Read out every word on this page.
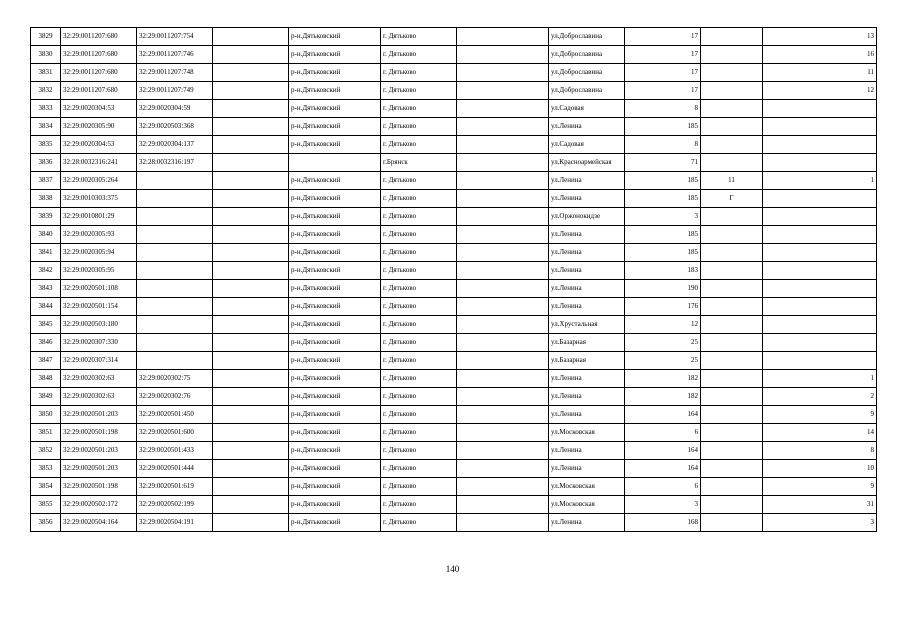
3829	32:29:0011207:680	32:29:0011207:754		р-н.Дятьковский	г. Дятьково		ул.Доброславина	17		13
3830	32:29:0011207:680	32:29:0011207:746		р-н.Дятьковский	г. Дятьково		ул.Доброславина	17		16
3831	32:29:0011207:680	32:29:0011207:748		р-н.Дятьковский	г. Дятьково		ул.Доброславина	17		11
3832	32:29:0011207:680	32:29:0011207:749		р-н.Дятьковский	г. Дятьково		ул.Доброславина	17		12
3833	32:29:0020304:53	32:29:0020304:59		р-н.Дятьковский	г. Дятьково		ул.Садовая	8		
3834	32:29:0020305:90	32:29:0020503:368		р-н.Дятьковский	г. Дятьково		ул.Ленина	185		
3835	32:29:0020304:53	32:29:0020304:137		р-н.Дятьковский	г. Дятьково		ул.Садовая	8		
3836	32:28:0032316:241	32:28:0032316:197			г.Брянск		ул.Красноармейская	71		
3837	32:29:0020305:264			р-н.Дятьковский	г. Дятьково		ул.Ленина	185	11	1
3838	32:29:0010303:375			р-н.Дятьковский	г. Дятьково		ул.Ленина	185	Г	
3839	32:29:0010801:29			р-н.Дятьковский	г. Дятьково		ул.Оржонокидзе	3		
3840	32:29:0020305:93			р-н.Дятьковский	г. Дятьково		ул.Ленина	185		
3841	32:29:0020305:94			р-н.Дятьковский	г. Дятьково		ул.Ленина	185		
3842	32:29:0020305:95			р-н.Дятьковский	г. Дятьково		ул.Ленина	183		
3843	32:29:0020501:108			р-н.Дятьковский	г. Дятьково		ул.Ленина	190		
3844	32:29:0020501:154			р-н.Дятьковский	г. Дятьково		ул.Ленина	176		
3845	32:29:0020503:180			р-н.Дятьковский	г. Дятьково		ул.Хрустальная	12		
3846	32:29:0020307:330			р-н.Дятьковский	г. Дятьково		ул.Базарная	25		
3847	32:29:0020307:314			р-н.Дятьковский	г. Дятьково		ул.Базарная	25		
3848	32:29:0020302:63	32:29:0020302:75		р-н.Дятьковский	г. Дятьково		ул.Ленина	182		1
3849	32:29:0020302:63	32:29:0020302:76		р-н.Дятьковский	г. Дятьково		ул.Ленина	182		2
3850	32:29:0020501:203	32:29:0020501:450		р-н.Дятьковский	г. Дятьково		ул.Ленина	164		9
3851	32:29:0020501:198	32:29:0020501:600		р-н.Дятьковский	г. Дятьково		ул.Московская	6		14
3852	32:29:0020501:203	32:29:0020501:433		р-н.Дятьковский	г. Дятьково		ул.Ленина	164		8
3853	32:29:0020501:203	32:29:0020501:444		р-н.Дятьковский	г. Дятьково		ул.Ленина	164		10
3854	32:29:0020501:198	32:29:0020501:619		р-н.Дятьковский	г. Дятьково		ул.Московская	6		9
3855	32:29:0020502:172	32:29:0020502:199		р-н.Дятьковский	г. Дятьково		ул.Московская	3		31
3856	32:29:0020504:164	32:29:0020504:191		р-н.Дятьковский	г. Дятьково		ул.Ленина	168		3
140
